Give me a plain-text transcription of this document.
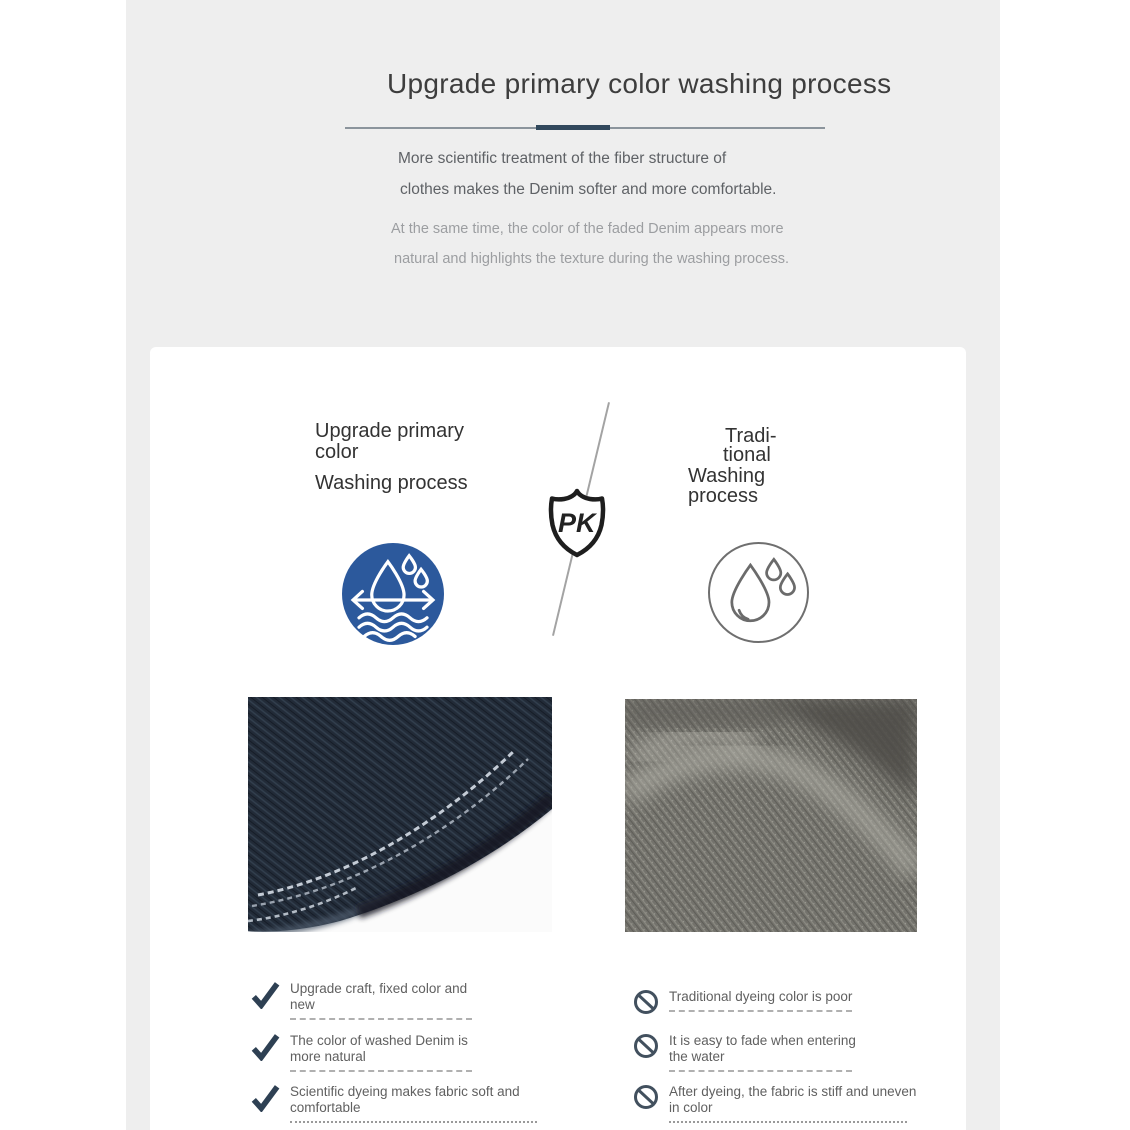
Upgrade primary color washing process
More scientific treatment of the fiber structure of
clothes makes the Denim softer and more comfortable.
At the same time, the color of the faded Denim appears more
natural and highlights the texture during the washing process.
Upgrade primary
color
Washing process
Tradi-
tional
Washing
process
PK
Upgrade craft, fixed color and
new
The color of washed Denim is
more natural
Scientific dyeing makes fabric soft and
comfortable
Traditional dyeing color is poor
It is easy to fade when entering
the water
After dyeing, the fabric is stiff and uneven
in color
